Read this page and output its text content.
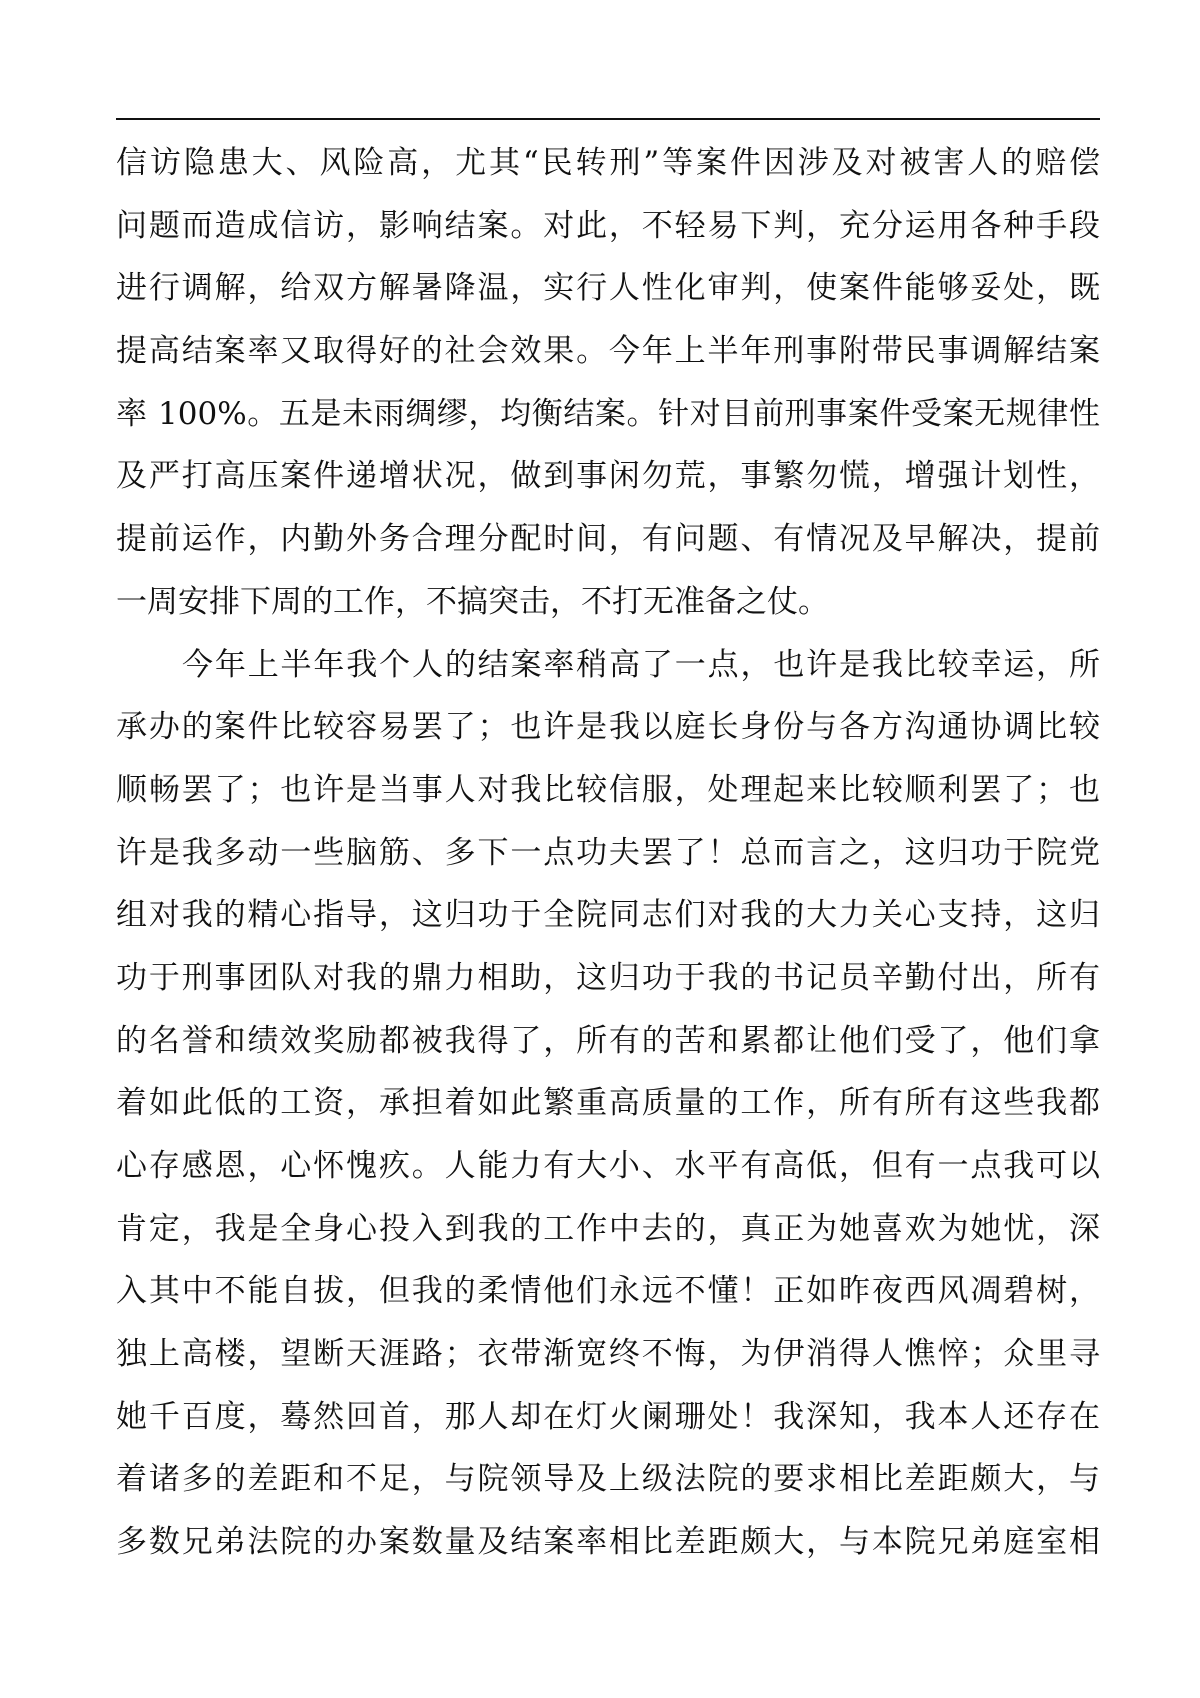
信访隐患大、风险高，尤其“民转刑”等案件因涉及对被害人的赔偿
问题而造成信访，影响结案。对此，不轻易下判，充分运用各种手段
进行调解，给双方解暑降温，实行人性化审判，使案件能够妥处，既
提高结案率又取得好的社会效果。今年上半年刑事附带民事调解结案
率 100%。五是未雨绸缪，均衡结案。针对目前刑事案件受案无规律性
及严打高压案件递增状况，做到事闲勿荒，事繁勿慌，增强计划性，
提前运作，内勤外务合理分配时间，有问题、有情况及早解决，提前
一周安排下周的工作，不搞突击，不打无准备之仗。
今年上半年我个人的结案率稍高了一点，也许是我比较幸运，所
承办的案件比较容易罢了；也许是我以庭长身份与各方沟通协调比较
顺畅罢了；也许是当事人对我比较信服，处理起来比较顺利罢了；也
许是我多动一些脑筋、多下一点功夫罢了！总而言之，这归功于院党
组对我的精心指导，这归功于全院同志们对我的大力关心支持，这归
功于刑事团队对我的鼎力相助，这归功于我的书记员辛勤付出，所有
的名誉和绩效奖励都被我得了，所有的苦和累都让他们受了，他们拿
着如此低的工资，承担着如此繁重高质量的工作，所有所有这些我都
心存感恩，心怀愧疚。人能力有大小、水平有高低，但有一点我可以
肯定，我是全身心投入到我的工作中去的，真正为她喜欢为她忧，深
入其中不能自拔，但我的柔情他们永远不懂！正如昨夜西风凋碧树，
独上高楼，望断天涯路；衣带渐宽终不悔，为伊消得人憔悴；众里寻
她千百度，蓦然回首，那人却在灯火阑珊处！我深知，我本人还存在
着诸多的差距和不足，与院领导及上级法院的要求相比差距颇大，与
多数兄弟法院的办案数量及结案率相比差距颇大，与本院兄弟庭室相
